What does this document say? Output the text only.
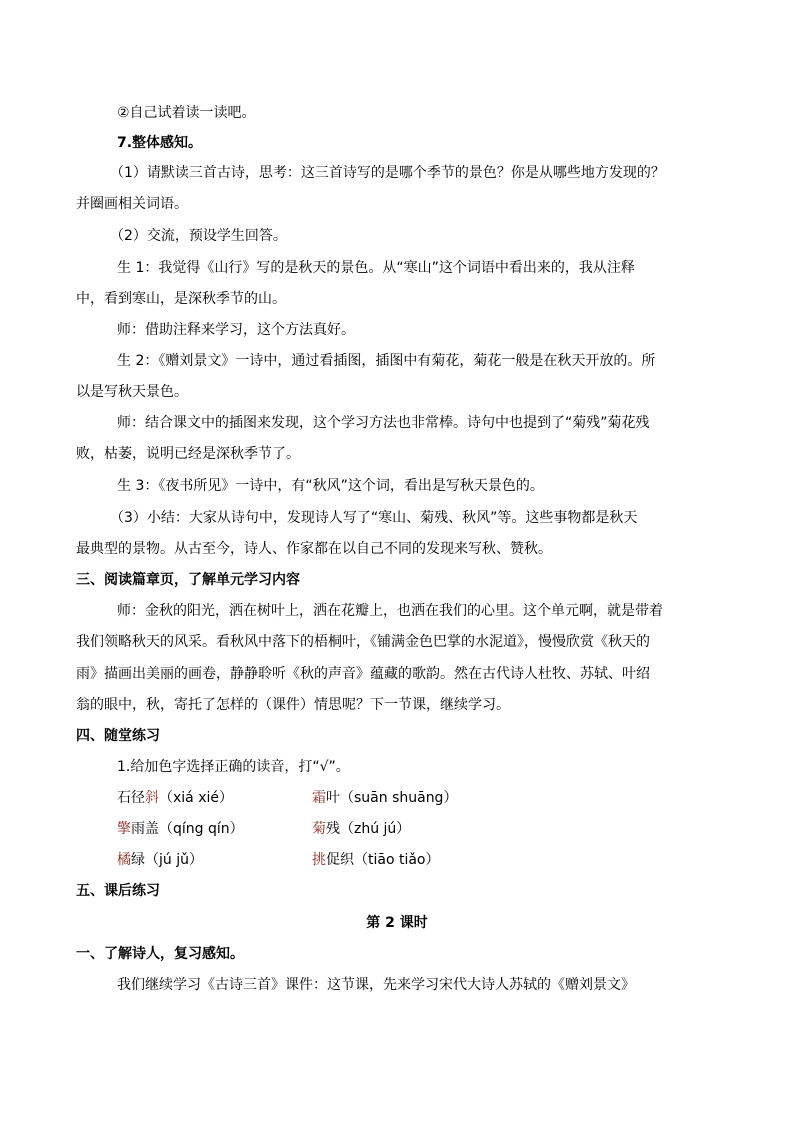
②自己试着读一读吧。
7.整体感知。
（1）请默读三首古诗，思考：这三首诗写的是哪个季节的景色？你是从哪些地方发现的？
并圈画相关词语。
（2）交流，预设学生回答。
生 1：我觉得《山行》写的是秋天的景色。从“寒山”这个词语中看出来的，我从注释
中，看到寒山，是深秋季节的山。
师：借助注释来学习，这个方法真好。
生 2：《赠刘景文》一诗中，通过看插图，插图中有菊花，菊花一般是在秋天开放的。所
以是写秋天景色。
师：结合课文中的插图来发现，这个学习方法也非常棒。诗句中也提到了“菊残”菊花残
败，枯萎，说明已经是深秋季节了。
生 3：《夜书所见》一诗中，有“秋风”这个词，看出是写秋天景色的。
（3）小结：大家从诗句中，发现诗人写了“寒山、菊残、秋风”等。这些事物都是秋天
最典型的景物。从古至今，诗人、作家都在以自己不同的发现来写秋、赞秋。
三、阅读篇章页，了解单元学习内容
师：金秋的阳光，洒在树叶上，洒在花瓣上，也洒在我们的心里。这个单元啊，就是带着
我们领略秋天的风采。看秋风中落下的梧桐叶，《铺满金色巴掌的水泥道》，慢慢欣赏《秋天的
雨》描画出美丽的画卷，静静聆听《秋的声音》蕴藏的歌韵。然在古代诗人杜牧、苏轼、叶绍
翁的眼中，秋，寄托了怎样的（课件）情思呢？下一节课，继续学习。
四、随堂练习
1.给加色字选择正确的读音，打“√”。
石径斜（xiá xié）	霜叶（suān shuāng）
擎雨盖（qíng qín）	菊残（zhú jú）
橘绿（jú jǔ）	挑促织（tiāo tiǎo）
五、课后练习
第 2 课时
一、了解诗人，复习感知。
我们继续学习《古诗三首》课件：这节课，先来学习宋代大诗人苏轼的《赠刘景文》
